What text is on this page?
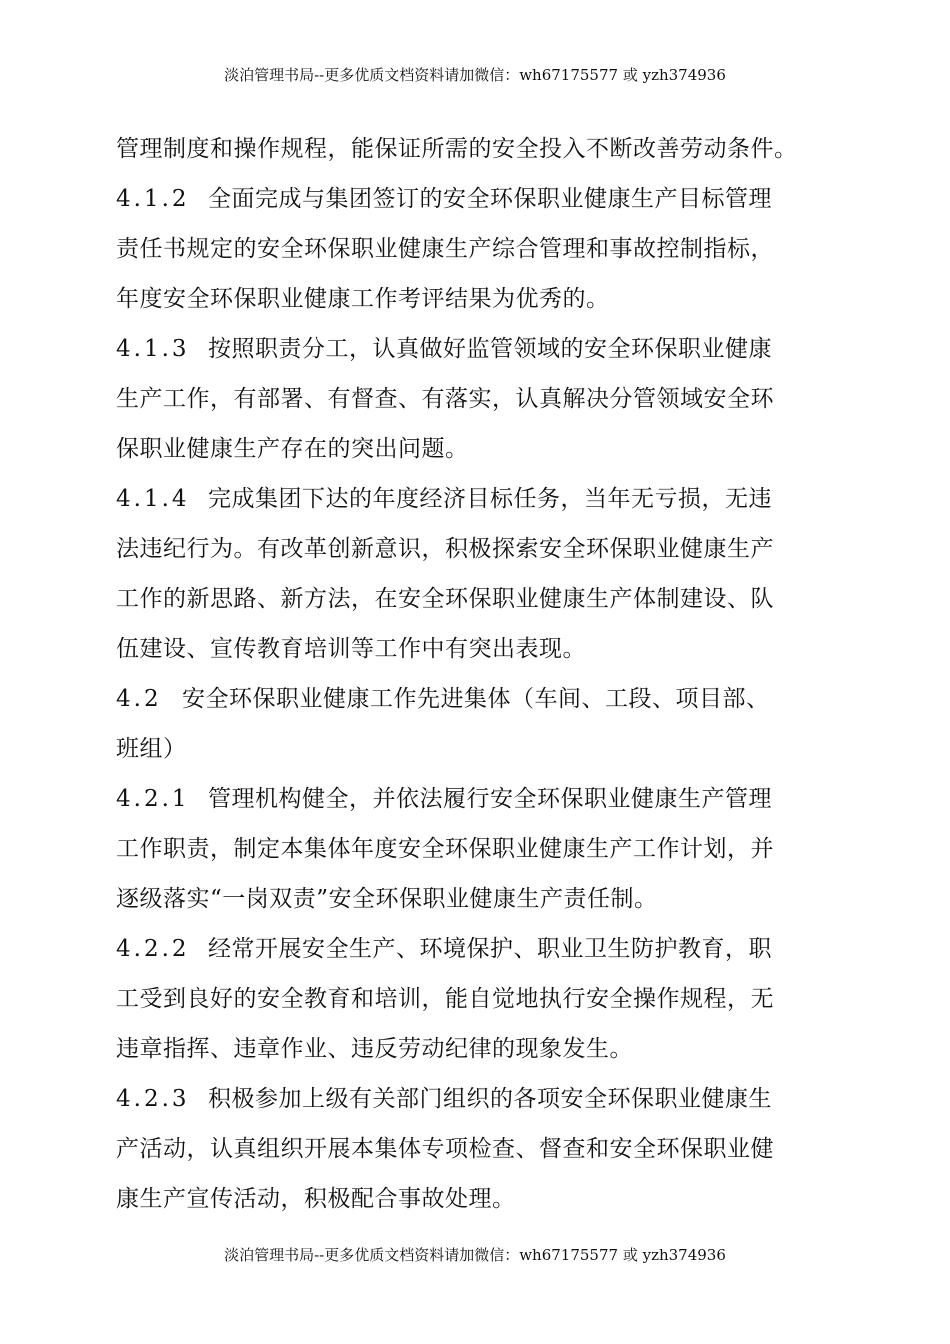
淡泊管理书局--更多优质文档资料请加微信：wh67175577 或 yzh374936
管理制度和操作规程，能保证所需的安全投入不断改善劳动条件。
4.1.2 全面完成与集团签订的安全环保职业健康生产目标管理
责任书规定的安全环保职业健康生产综合管理和事故控制指标，
年度安全环保职业健康工作考评结果为优秀的。
4.1.3 按照职责分工，认真做好监管领域的安全环保职业健康
生产工作，有部署、有督查、有落实，认真解决分管领域安全环
保职业健康生产存在的突出问题。
4.1.4 完成集团下达的年度经济目标任务，当年无亏损，无违
法违纪行为。有改革创新意识，积极探索安全环保职业健康生产
工作的新思路、新方法，在安全环保职业健康生产体制建设、队
伍建设、宣传教育培训等工作中有突出表现。
4.2 安全环保职业健康工作先进集体（车间、工段、项目部、
班组）
4.2.1 管理机构健全，并依法履行安全环保职业健康生产管理
工作职责，制定本集体年度安全环保职业健康生产工作计划，并
逐级落实“一岗双责”安全环保职业健康生产责任制。
4.2.2 经常开展安全生产、环境保护、职业卫生防护教育，职
工受到良好的安全教育和培训，能自觉地执行安全操作规程，无
违章指挥、违章作业、违反劳动纪律的现象发生。
4.2.3 积极参加上级有关部门组织的各项安全环保职业健康生
产活动，认真组织开展本集体专项检查、督查和安全环保职业健
康生产宣传活动，积极配合事故处理。
淡泊管理书局--更多优质文档资料请加微信：wh67175577 或 yzh374936
